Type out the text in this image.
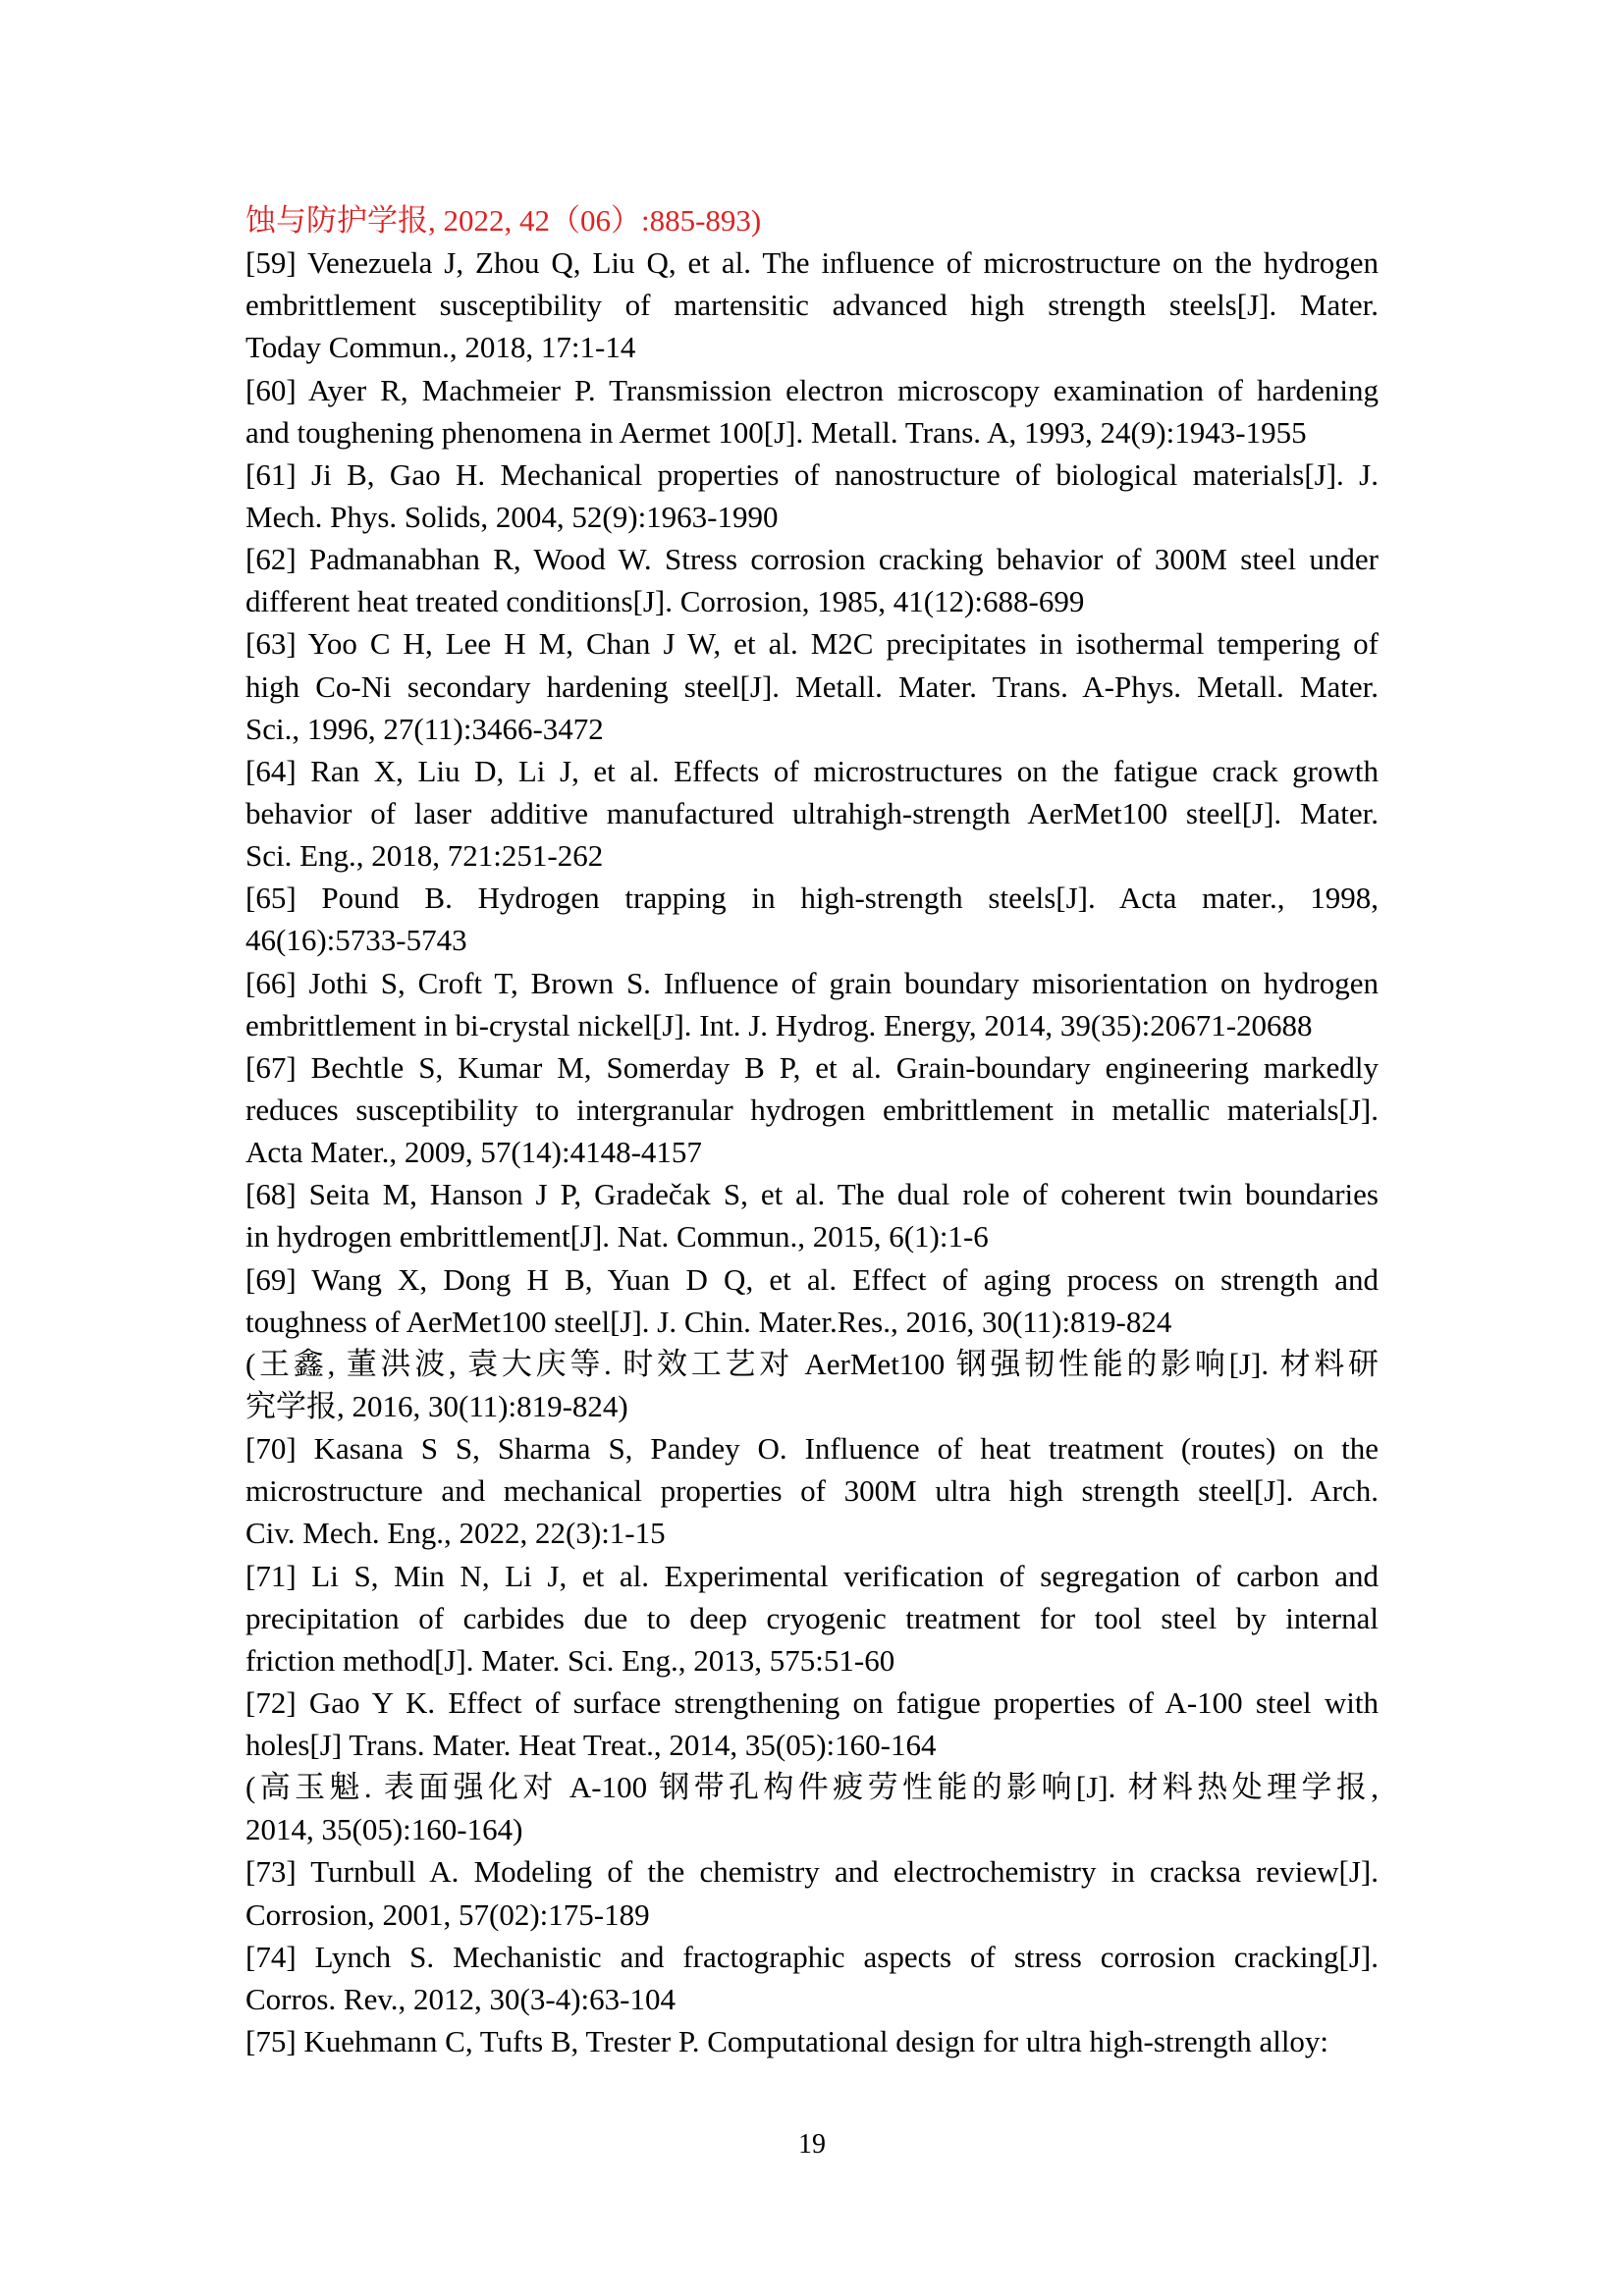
蚀与防护学报, 2022, 42（06）:885-893)
[59] Venezuela J, Zhou Q, Liu Q, et al. The influence of microstructure on the hydrogen
embrittlement susceptibility of martensitic advanced high strength steels[J]. Mater.
Today Commun., 2018, 17:1-14
[60] Ayer R, Machmeier P. Transmission electron microscopy examination of hardening
and toughening phenomena in Aermet 100[J]. Metall. Trans. A, 1993, 24(9):1943-1955
[61] Ji B, Gao H. Mechanical properties of nanostructure of biological materials[J]. J.
Mech. Phys. Solids, 2004, 52(9):1963-1990
[62] Padmanabhan R, Wood W. Stress corrosion cracking behavior of 300M steel under
different heat treated conditions[J]. Corrosion, 1985, 41(12):688-699
[63] Yoo C H, Lee H M, Chan J W, et al. M2C precipitates in isothermal tempering of
high Co-Ni secondary hardening steel[J]. Metall. Mater. Trans. A-Phys. Metall. Mater.
Sci., 1996, 27(11):3466-3472
[64] Ran X, Liu D, Li J, et al. Effects of microstructures on the fatigue crack growth
behavior of laser additive manufactured ultrahigh-strength AerMet100 steel[J]. Mater.
Sci. Eng., 2018, 721:251-262
[65] Pound B. Hydrogen trapping in high-strength steels[J]. Acta mater., 1998,
46(16):5733-5743
[66] Jothi S, Croft T, Brown S. Influence of grain boundary misorientation on hydrogen
embrittlement in bi-crystal nickel[J]. Int. J. Hydrog. Energy, 2014, 39(35):20671-20688
[67] Bechtle S, Kumar M, Somerday B P, et al. Grain-boundary engineering markedly
reduces susceptibility to intergranular hydrogen embrittlement in metallic materials[J].
Acta Mater., 2009, 57(14):4148-4157
[68] Seita M, Hanson J P, Gradečak S, et al. The dual role of coherent twin boundaries
in hydrogen embrittlement[J]. Nat. Commun., 2015, 6(1):1-6
[69] Wang X, Dong H B, Yuan D Q, et al. Effect of aging process on strength and
toughness of AerMet100 steel[J]. J. Chin. Mater.Res., 2016, 30(11):819-824
(王鑫, 董洪波, 袁大庆等. 时效工艺对 AerMet100 钢强韧性能的影响[J]. 材料研
究学报, 2016, 30(11):819-824)
[70] Kasana S S, Sharma S, Pandey O. Influence of heat treatment (routes) on the
microstructure and mechanical properties of 300M ultra high strength steel[J]. Arch.
Civ. Mech. Eng., 2022, 22(3):1-15
[71] Li S, Min N, Li J, et al. Experimental verification of segregation of carbon and
precipitation of carbides due to deep cryogenic treatment for tool steel by internal
friction method[J]. Mater. Sci. Eng., 2013, 575:51-60
[72] Gao Y K. Effect of surface strengthening on fatigue properties of A-100 steel with
holes[J] Trans. Mater. Heat Treat., 2014, 35(05):160-164
(高玉魁. 表面强化对 A-100 钢带孔构件疲劳性能的影响[J]. 材料热处理学报,
2014, 35(05):160-164)
[73] Turnbull A. Modeling of the chemistry and electrochemistry in cracksa review[J].
Corrosion, 2001, 57(02):175-189
[74] Lynch S. Mechanistic and fractographic aspects of stress corrosion cracking[J].
Corros. Rev., 2012, 30(3-4):63-104
[75] Kuehmann C, Tufts B, Trester P. Computational design for ultra high-strength alloy:
19
